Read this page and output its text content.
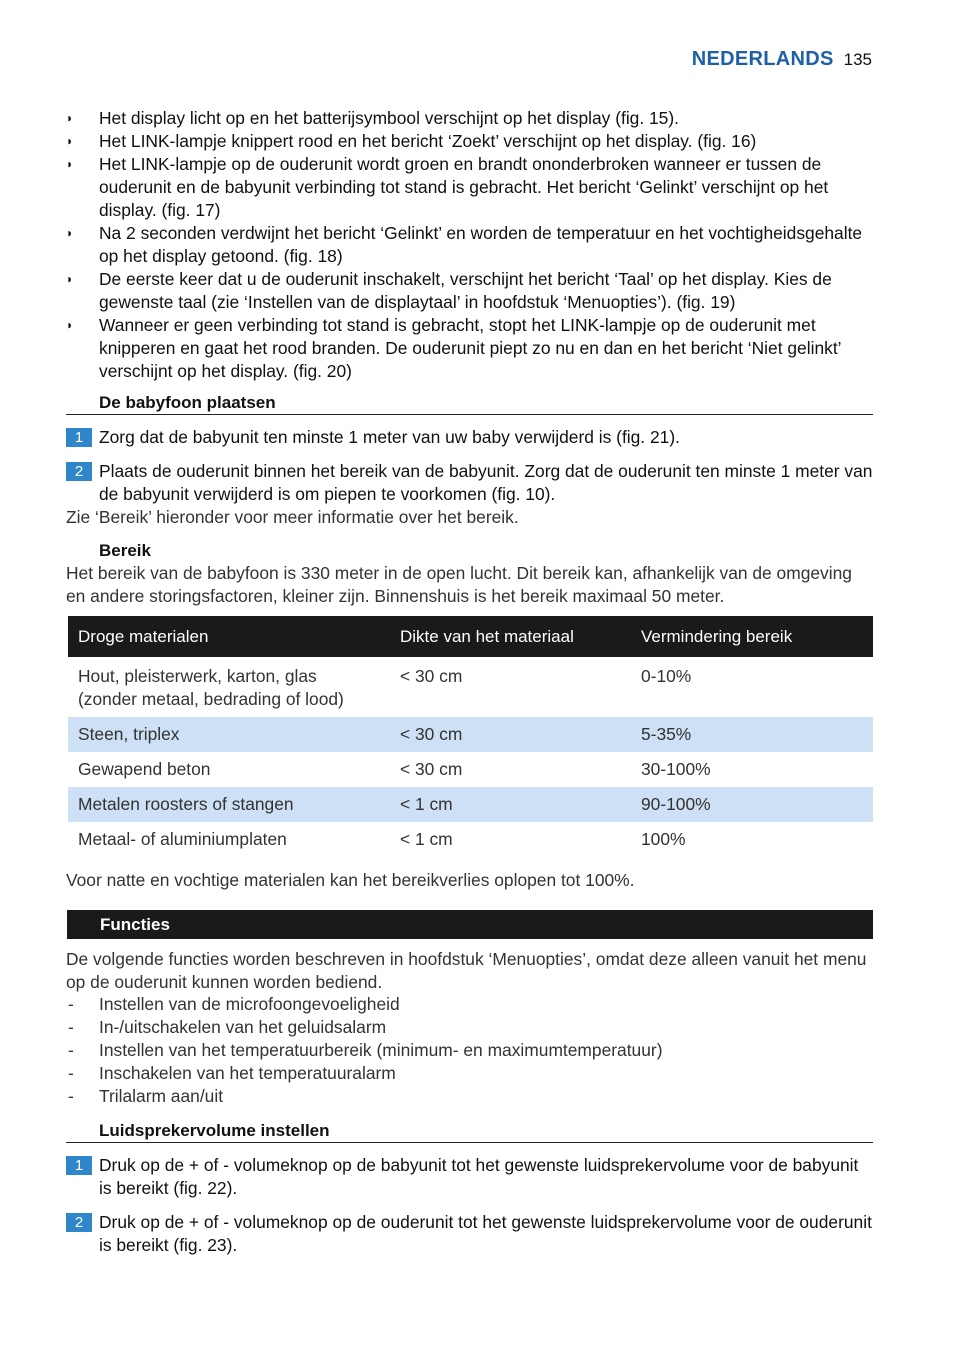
NEDERLANDS 135
◗ Het display licht op en het batterijsymbool verschijnt op het display (fig. 15).
◗ Het LINK-lampje knippert rood en het bericht ‘Zoekt’ verschijnt op het display. (fig. 16)
◗ Het LINK-lampje op de ouderunit wordt groen en brandt ononderbroken wanneer er tussen de ouderunit en de babyunit verbinding tot stand is gebracht. Het bericht ‘Gelinkt’ verschijnt op het display. (fig. 17)
◗ Na 2 seconden verdwijnt het bericht ‘Gelinkt’ en worden de temperatuur en het vochtigheidsgehalte op het display getoond. (fig. 18)
◗ De eerste keer dat u de ouderunit inschakelt, verschijnt het bericht ‘Taal’ op het display. Kies de gewenste taal (zie ‘Instellen van de displaytaal’ in hoofdstuk ‘Menuopties’). (fig. 19)
◗ Wanneer er geen verbinding tot stand is gebracht, stopt het LINK-lampje op de ouderunit met knipperen en gaat het rood branden. De ouderunit piept zo nu en dan en het bericht ‘Niet gelinkt’ verschijnt op het display. (fig. 20)
De babyfoon plaatsen
1 Zorg dat de babyunit ten minste 1 meter van uw baby verwijderd is (fig. 21).
2 Plaats de ouderunit binnen het bereik van de babyunit. Zorg dat de ouderunit ten minste 1 meter van de babyunit verwijderd is om piepen te voorkomen (fig. 10).
Zie ‘Bereik’ hieronder voor meer informatie over het bereik.
Bereik
Het bereik van de babyfoon is 330 meter in de open lucht. Dit bereik kan, afhankelijk van de omgeving en andere storingsfactoren, kleiner zijn. Binnenshuis is het bereik maximaal 50 meter.
Droge materialen	Dikte van het materiaal	Vermindering bereik
Hout, pleisterwerk, karton, glas (zonder metaal, bedrading of lood)	< 30 cm	0-10%
Steen, triplex	< 30 cm	5-35%
Gewapend beton	< 30 cm	30-100%
Metalen roosters of stangen	< 1 cm	90-100%
Metaal- of aluminiumplaten	< 1 cm	100%
Voor natte en vochtige materialen kan het bereikverlies oplopen tot 100%.
Functies
De volgende functies worden beschreven in hoofdstuk ‘Menuopties’, omdat deze alleen vanuit het menu op de ouderunit kunnen worden bediend.
- Instellen van de microfoongevoeligheid
- In-/uitschakelen van het geluidsalarm
- Instellen van het temperatuurbereik (minimum- en maximumtemperatuur)
- Inschakelen van het temperatuuralarm
- Trilalarm aan/uit
Luidsprekervolume instellen
1 Druk op de + of - volumeknop op de babyunit tot het gewenste luidsprekervolume voor de babyunit is bereikt (fig. 22).
2 Druk op de + of - volumeknop op de ouderunit tot het gewenste luidsprekervolume voor de ouderunit is bereikt (fig. 23).
